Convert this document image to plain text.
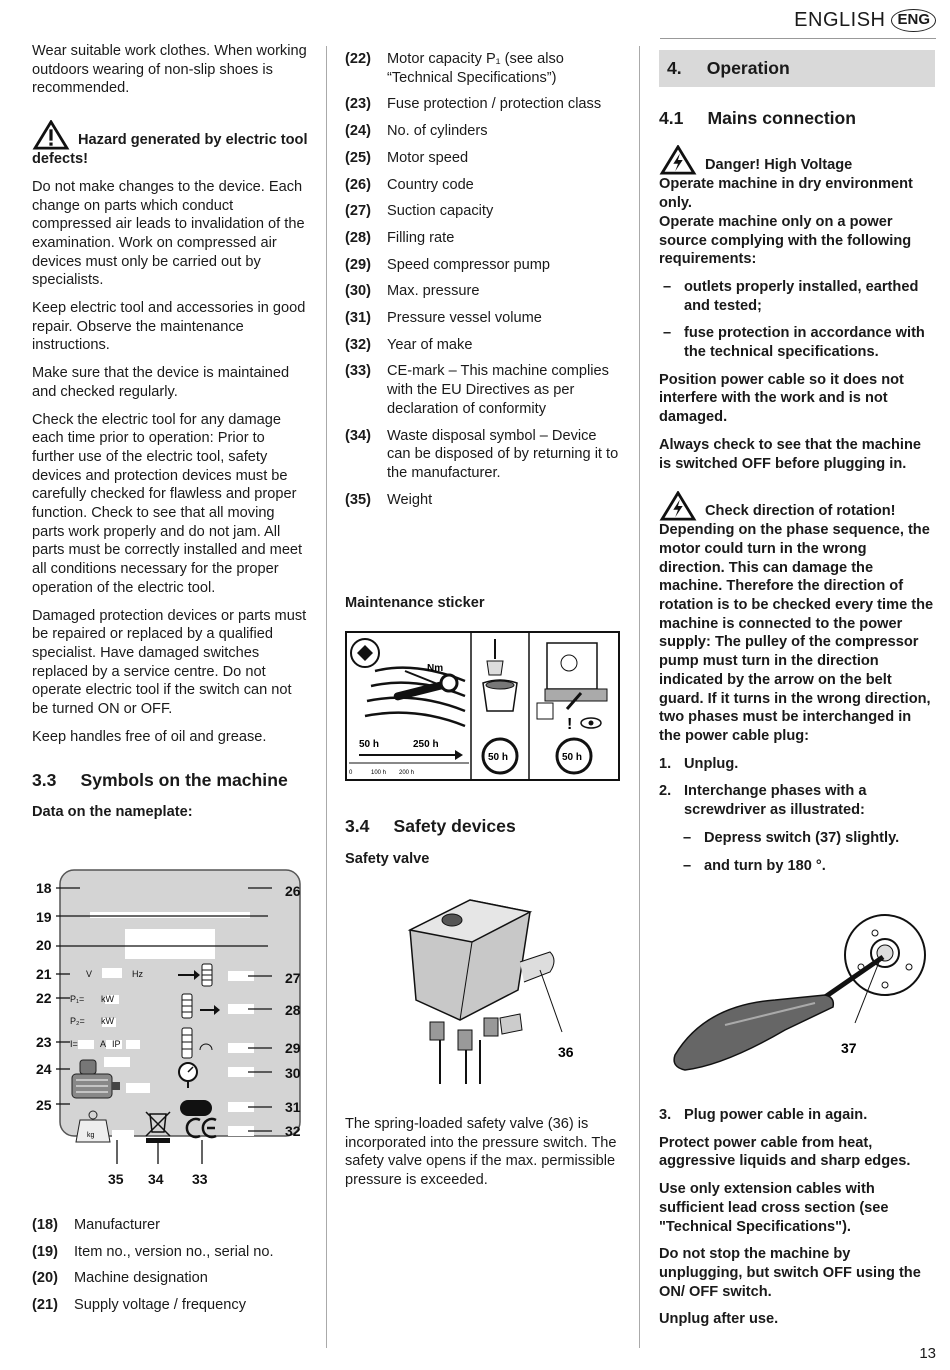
ENGLISH ENG

Wear suitable work clothes. When working outdoors wearing of non-slip shoes is recommended.

Hazard generated by electric tool defects!

Do not make changes to the device. Each change on parts which conduct compressed air leads to invalidation of the examination. Work on compressed air devices must only be carried out by specialists.

Keep electric tool and accessories in good repair. Observe the maintenance instructions.

Make sure that the device is maintained and checked regularly.

Check the electric tool for any damage each time prior to operation: Prior to further use of the electric tool, safety devices and protection devices must be carefully checked for flawless and proper function. Check to see that all moving parts work properly and do not jam. All parts must be correctly installed and meet all conditions necessary for the proper operation of the electric tool.

Damaged protection devices or parts must be repaired or replaced by a qualified specialist. Have damaged switches replaced by a service centre. Do not operate electric tool if the switch can not be turned ON or OFF.

Keep handles free of oil and grease.

3.3 Symbols on the machine
Data on the nameplate:
18
19
20
21
22
23
24
25
26
27
28
29
30
31
32
33
34
35
V	Hz
P₁= kW
P₂= kW
I= A IP
kg
(18)	Manufacturer
(19)	Item no., version no., serial no.
(20)	Machine designation
(21)	Supply voltage / frequency
(22)	Motor capacity P₁ (see also “Technical Specifications”)
(23)	Fuse protection / protection class
(24)	No. of cylinders
(25)	Motor speed
(26)	Country code
(27)	Suction capacity
(28)	Filling rate
(29)	Speed compressor pump
(30)	Max. pressure
(31)	Pressure vessel volume
(32)	Year of make
(33)	CE-mark – This machine complies with the EU Directives as per declaration of conformity
(34)	Waste disposal symbol – Device can be disposed of by returning it to the manufacturer.
(35)	Weight
Maintenance sticker
Nm
50 h	250 h
0	100 h 200 h
50 h
!
50 h
3.4 Safety devices
Safety valve
36

The spring-loaded safety valve (36) is incorporated into the pressure switch. The safety valve opens if the max. permissible pressure is exceeded.

4. Operation
4.1 Mains connection

Danger! High Voltage
Operate machine in dry environment only.

Operate machine only on a power source complying with the following requirements:

– outlets properly installed, earthed and tested;
– fuse protection in accordance with the technical specifications.

Position power cable so it does not interfere with the work and is not damaged.

Always check to see that the machine is switched OFF before plugging in.

Check direction of rotation!
Depending on the phase sequence, the motor could turn in the wrong direction. This can damage the machine. Therefore the direction of rotation is to be checked every time the machine is connected to the power supply: The pulley of the compressor pump must turn in the direction indicated by the arrow on the belt guard. If it turns in the wrong direction, two phases must be interchanged in the power cable plug:

1. Unplug.
2. Interchange phases with a screwdriver as illustrated:
– Depress switch (37) slightly.
– and turn by 180 °.
37
3. Plug power cable in again.

Protect power cable from heat, aggressive liquids and sharp edges.

Use only extension cables with sufficient lead cross section (see "Technical Specifications").

Do not stop the machine by unplugging, but switch OFF using the ON/ OFF switch.

Unplug after use.

13
